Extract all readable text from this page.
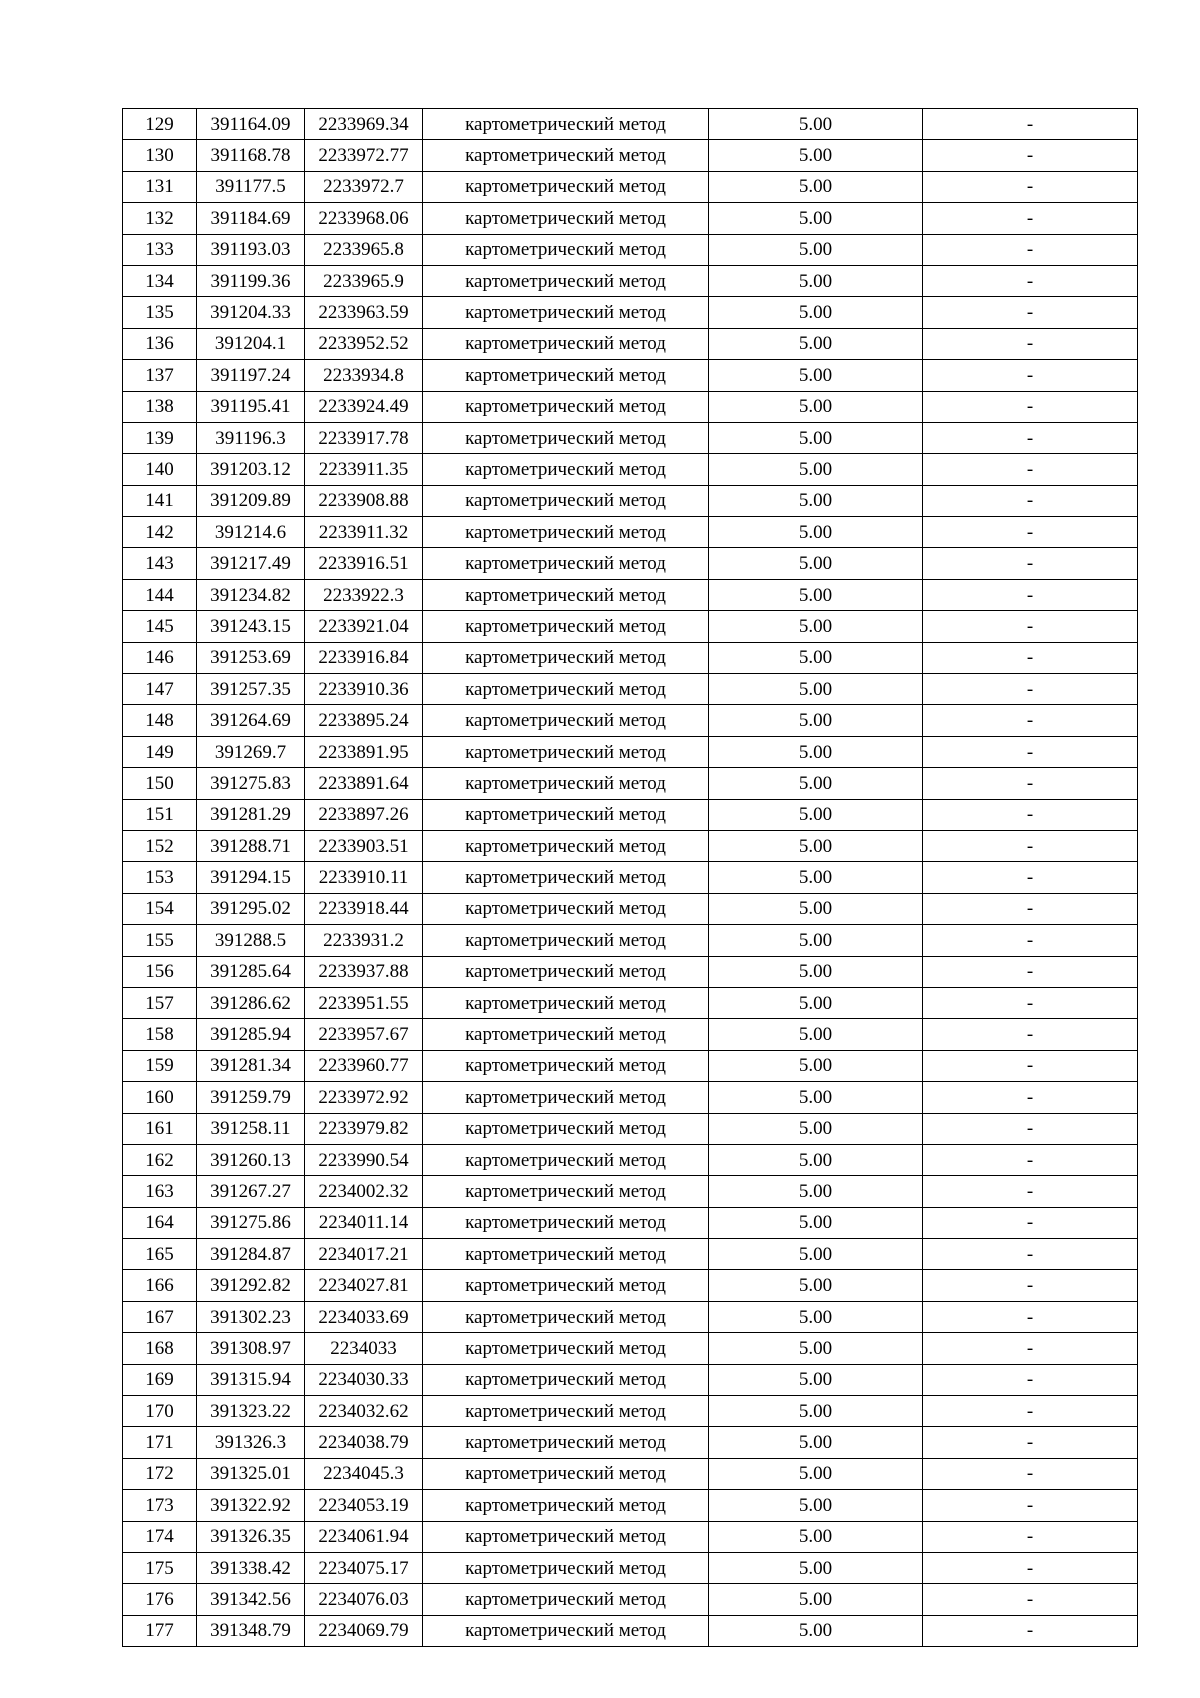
129	391164.09	2233969.34	картометрический метод	5.00	-
130	391168.78	2233972.77	картометрический метод	5.00	-
131	391177.5	2233972.7	картометрический метод	5.00	-
132	391184.69	2233968.06	картометрический метод	5.00	-
133	391193.03	2233965.8	картометрический метод	5.00	-
134	391199.36	2233965.9	картометрический метод	5.00	-
135	391204.33	2233963.59	картометрический метод	5.00	-
136	391204.1	2233952.52	картометрический метод	5.00	-
137	391197.24	2233934.8	картометрический метод	5.00	-
138	391195.41	2233924.49	картометрический метод	5.00	-
139	391196.3	2233917.78	картометрический метод	5.00	-
140	391203.12	2233911.35	картометрический метод	5.00	-
141	391209.89	2233908.88	картометрический метод	5.00	-
142	391214.6	2233911.32	картометрический метод	5.00	-
143	391217.49	2233916.51	картометрический метод	5.00	-
144	391234.82	2233922.3	картометрический метод	5.00	-
145	391243.15	2233921.04	картометрический метод	5.00	-
146	391253.69	2233916.84	картометрический метод	5.00	-
147	391257.35	2233910.36	картометрический метод	5.00	-
148	391264.69	2233895.24	картометрический метод	5.00	-
149	391269.7	2233891.95	картометрический метод	5.00	-
150	391275.83	2233891.64	картометрический метод	5.00	-
151	391281.29	2233897.26	картометрический метод	5.00	-
152	391288.71	2233903.51	картометрический метод	5.00	-
153	391294.15	2233910.11	картометрический метод	5.00	-
154	391295.02	2233918.44	картометрический метод	5.00	-
155	391288.5	2233931.2	картометрический метод	5.00	-
156	391285.64	2233937.88	картометрический метод	5.00	-
157	391286.62	2233951.55	картометрический метод	5.00	-
158	391285.94	2233957.67	картометрический метод	5.00	-
159	391281.34	2233960.77	картометрический метод	5.00	-
160	391259.79	2233972.92	картометрический метод	5.00	-
161	391258.11	2233979.82	картометрический метод	5.00	-
162	391260.13	2233990.54	картометрический метод	5.00	-
163	391267.27	2234002.32	картометрический метод	5.00	-
164	391275.86	2234011.14	картометрический метод	5.00	-
165	391284.87	2234017.21	картометрический метод	5.00	-
166	391292.82	2234027.81	картометрический метод	5.00	-
167	391302.23	2234033.69	картометрический метод	5.00	-
168	391308.97	2234033	картометрический метод	5.00	-
169	391315.94	2234030.33	картометрический метод	5.00	-
170	391323.22	2234032.62	картометрический метод	5.00	-
171	391326.3	2234038.79	картометрический метод	5.00	-
172	391325.01	2234045.3	картометрический метод	5.00	-
173	391322.92	2234053.19	картометрический метод	5.00	-
174	391326.35	2234061.94	картометрический метод	5.00	-
175	391338.42	2234075.17	картометрический метод	5.00	-
176	391342.56	2234076.03	картометрический метод	5.00	-
177	391348.79	2234069.79	картометрический метод	5.00	-
